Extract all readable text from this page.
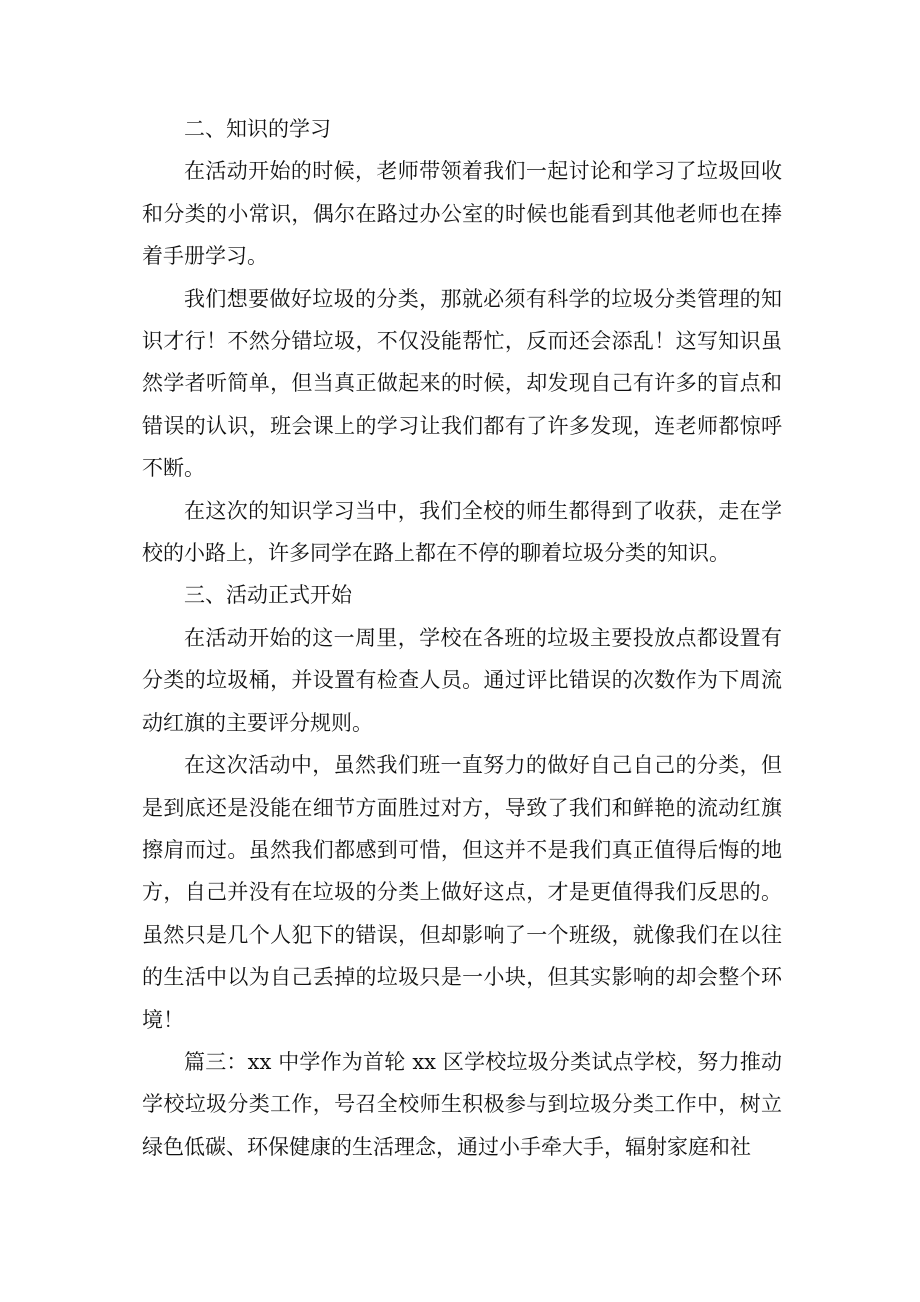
二、知识的学习

在活动开始的时候，老师带领着我们一起讨论和学习了垃圾回收和分类的小常识，偶尔在路过办公室的时候也能看到其他老师也在捧着手册学习。

我们想要做好垃圾的分类，那就必须有科学的垃圾分类管理的知识才行！不然分错垃圾，不仅没能帮忙，反而还会添乱！这写知识虽然学者听简单，但当真正做起来的时候，却发现自己有许多的盲点和错误的认识，班会课上的学习让我们都有了许多发现，连老师都惊呼不断。

在这次的知识学习当中，我们全校的师生都得到了收获，走在学校的小路上，许多同学在路上都在不停的聊着垃圾分类的知识。

三、活动正式开始

在活动开始的这一周里，学校在各班的垃圾主要投放点都设置有分类的垃圾桶，并设置有检查人员。通过评比错误的次数作为下周流动红旗的主要评分规则。

在这次活动中，虽然我们班一直努力的做好自己自己的分类，但是到底还是没能在细节方面胜过对方，导致了我们和鲜艳的流动红旗擦肩而过。虽然我们都感到可惜，但这并不是我们真正值得后悔的地方，自己并没有在垃圾的分类上做好这点，才是更值得我们反思的。虽然只是几个人犯下的错误，但却影响了一个班级，就像我们在以往的生活中以为自己丢掉的垃圾只是一小块，但其实影响的却会整个环境！

篇三：xx 中学作为首轮 xx 区学校垃圾分类试点学校，努力推动学校垃圾分类工作，号召全校师生积极参与到垃圾分类工作中，树立绿色低碳、环保健康的生活理念，通过小手牵大手，辐射家庭和社
